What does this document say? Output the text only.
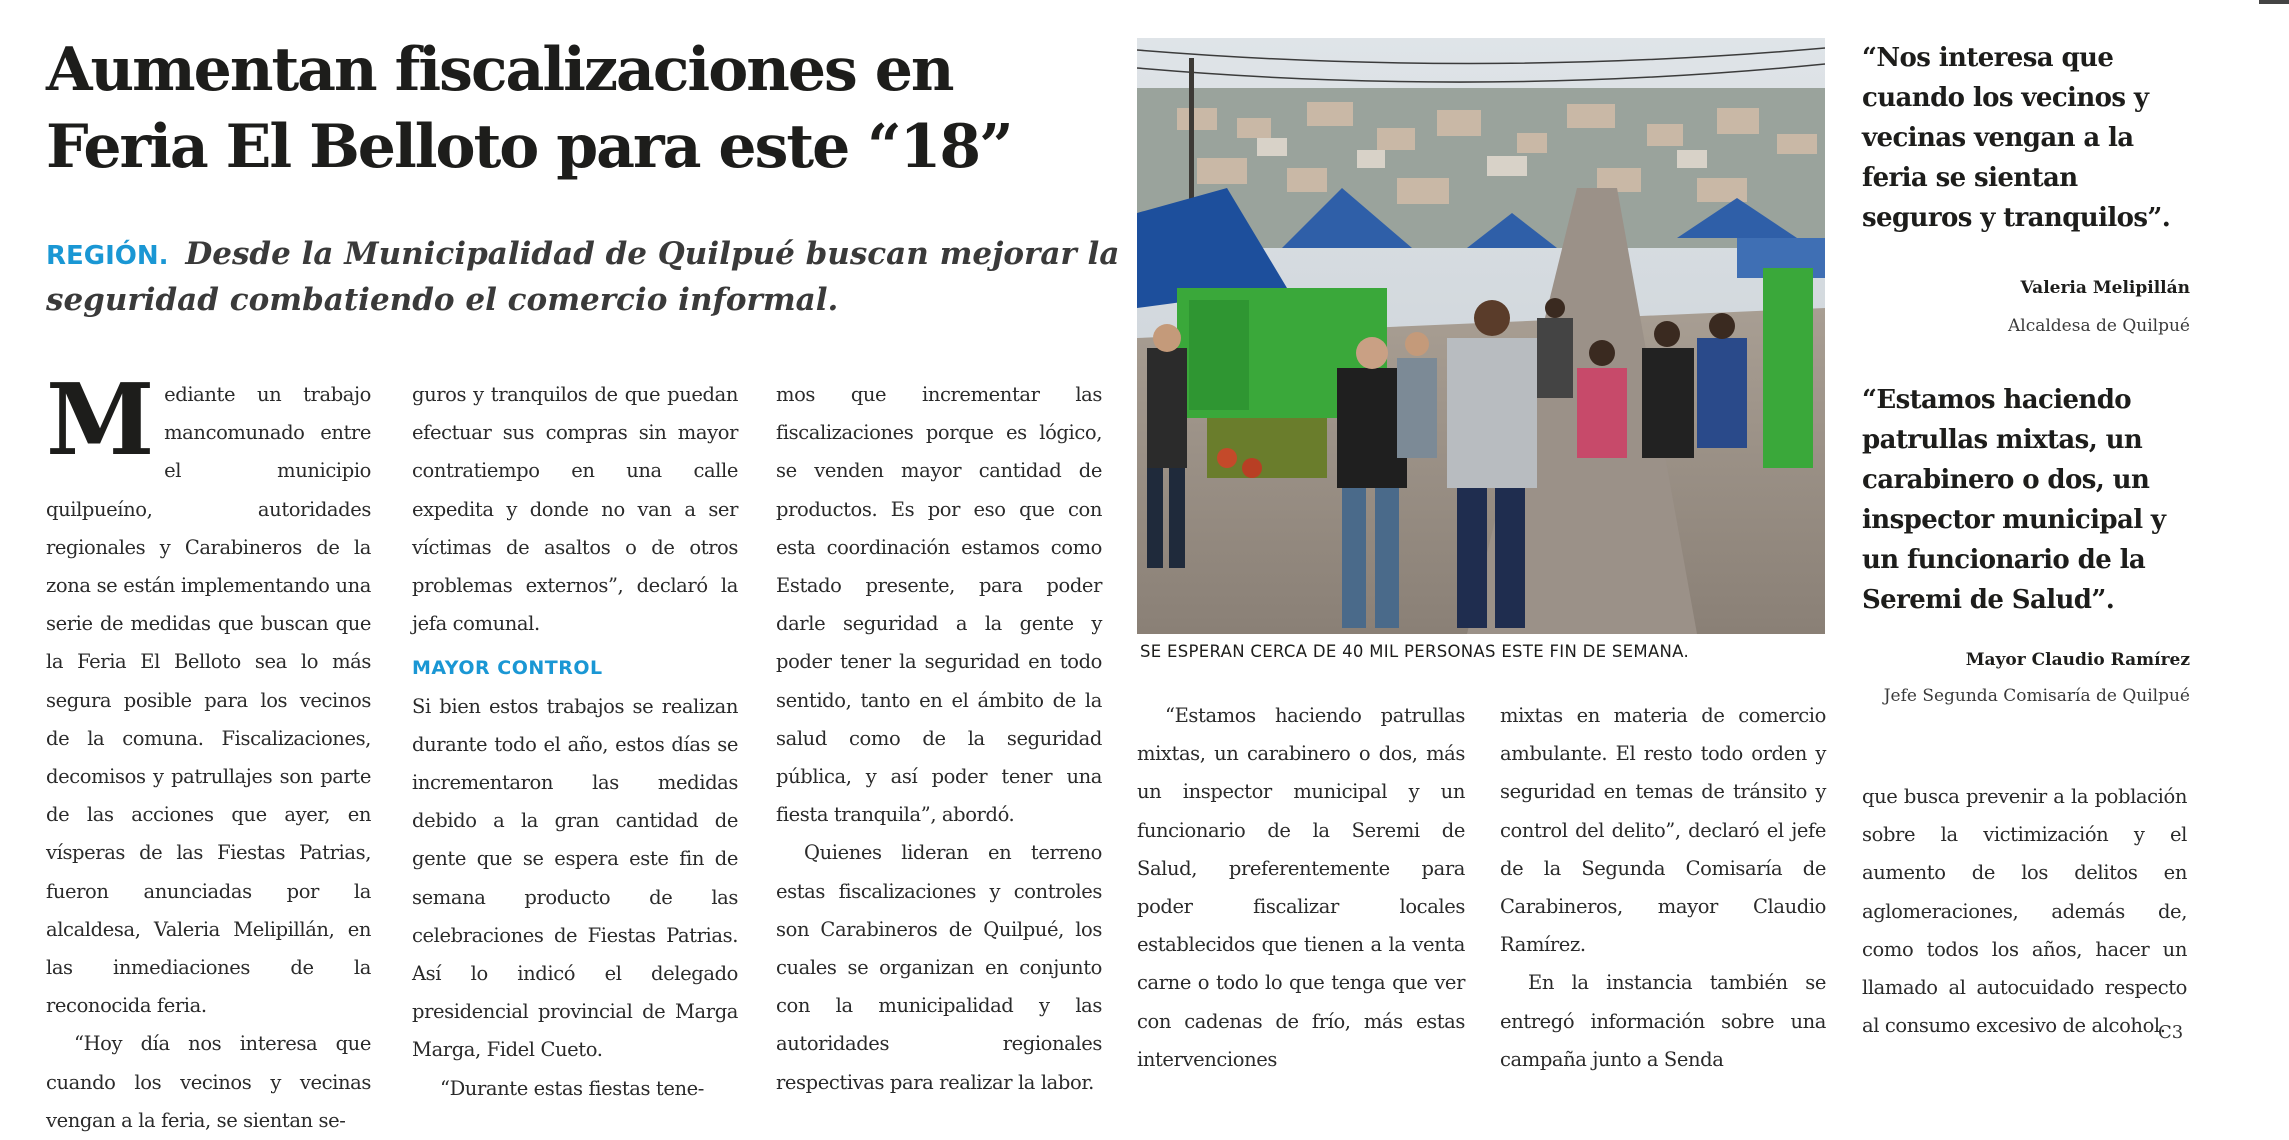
Aumentan fiscalizaciones en
Feria El Belloto para este “18”
REGIÓN. Desde la Municipalidad de Quilpué buscan mejorar la seguridad combatiendo el comercio informal.

Mediante un trabajo mancomunado entre el municipio quilpueíno, autoridades regionales y Carabineros de la zona se están implementando una serie de medidas que buscan que la Feria El Belloto sea lo más segura posible para los vecinos de la comuna. Fiscalizaciones, decomisos y patrullajes son parte de las acciones que ayer, en vísperas de las Fiestas Patrias, fueron anunciadas por la alcaldesa, Valeria Melipillán, en las inmediaciones de la reconocida feria.

“Hoy día nos interesa que cuando los vecinos y vecinas vengan a la feria, se sientan se-

guros y tranquilos de que puedan efectuar sus compras sin mayor contratiempo en una calle expedita y donde no van a ser víctimas de asaltos o de otros problemas externos”, declaró la jefa comunal.

MAYOR CONTROL

Si bien estos trabajos se realizan durante todo el año, estos días se incrementaron las medidas debido a la gran cantidad de gente que se espera este fin de semana producto de las celebraciones de Fiestas Patrias. Así lo indicó el delegado presidencial provincial de Marga Marga, Fidel Cueto.

“Durante estas fiestas tene-

mos que incrementar las fiscalizaciones porque es lógico, se venden mayor cantidad de productos. Es por eso que con esta coordinación estamos como Estado presente, para poder darle seguridad a la gente y poder tener la seguridad en todo sentido, tanto en el ámbito de la salud como de la seguridad pública, y así poder tener una fiesta tranquila”, abordó.

Quienes lideran en terreno estas fiscalizaciones y controles son Carabineros de Quilpué, los cuales se organizan en conjunto con la municipalidad y las autoridades regionales respectivas para realizar la labor.

SE ESPERAN CERCA DE 40 MIL PERSONAS ESTE FIN DE SEMANA.

“Estamos haciendo patrullas mixtas, un carabinero o dos, más un inspector municipal y un funcionario de la Seremi de Salud, preferentemente para poder fiscalizar locales establecidos que tienen a la venta carne o todo lo que tenga que ver con cadenas de frío, más estas intervenciones

mixtas en materia de comercio ambulante. El resto todo orden y seguridad en temas de tránsito y control del delito”, declaró el jefe de la Segunda Comisaría de Carabineros, mayor Claudio Ramírez.

En la instancia también se entregó información sobre una campaña junto a Senda

“Nos interesa que cuando los vecinos y vecinas vengan a la feria se sientan seguros y tranquilos”.
Valeria Melipillán
Alcaldesa de Quilpué
“Estamos haciendo patrullas mixtas, un carabinero o dos, un inspector municipal y un funcionario de la Seremi de Salud”.
Mayor Claudio Ramírez
Jefe Segunda Comisaría de Quilpué

que busca prevenir a la población sobre la victimización y el aumento de los delitos en aglomeraciones, además de, como todos los años, hacer un llamado al autocuidado respecto al consumo excesivo de alcohol.

C3
